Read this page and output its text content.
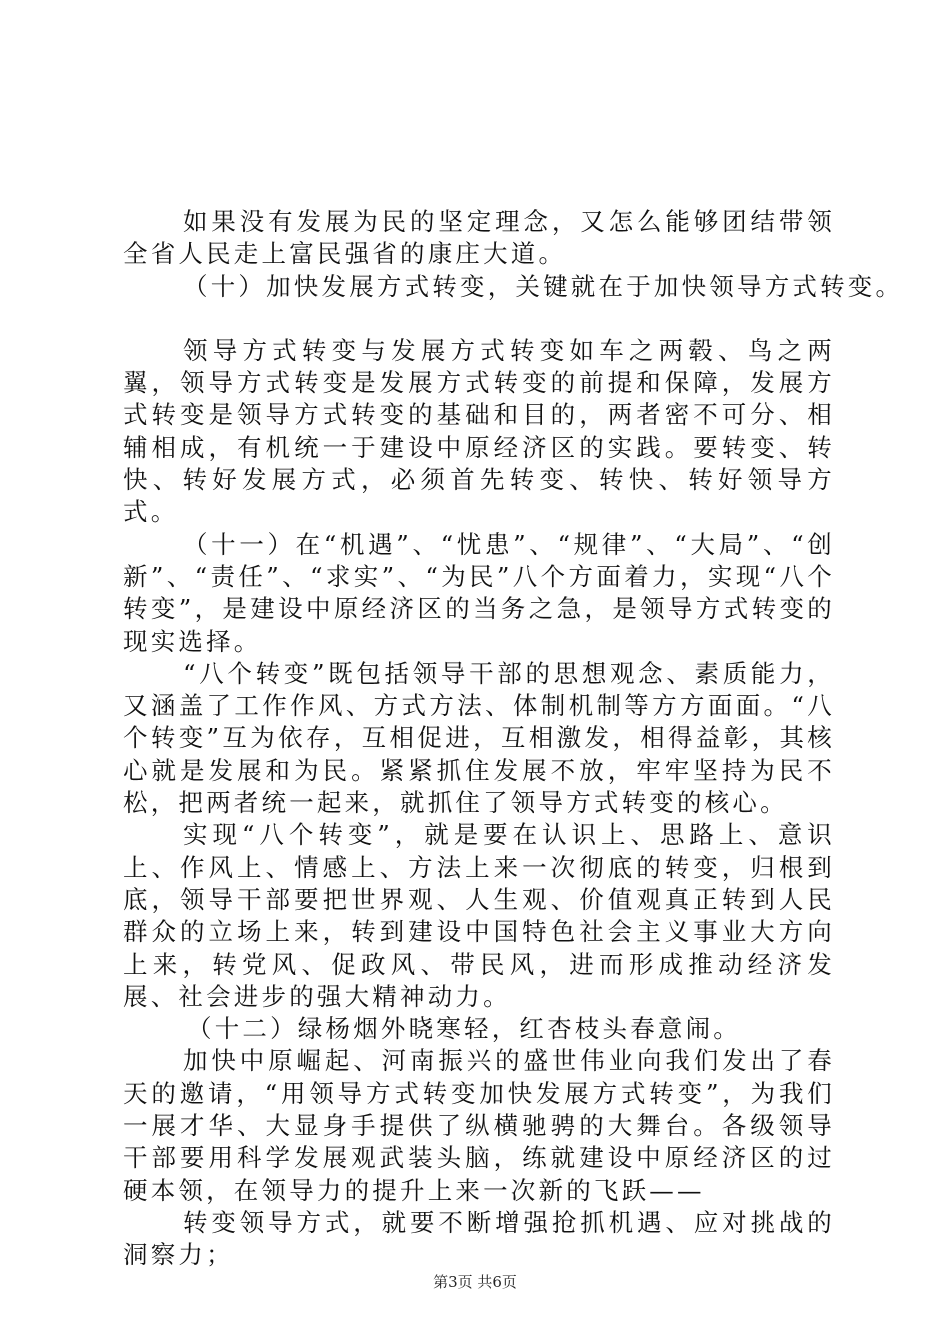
如果没有发展为民的坚定理念，又怎么能够团结带领全省人民走上富民强省的康庄大道。

（十）加快发展方式转变，关键就在于加快领导方式转变。

领导方式转变与发展方式转变如车之两毂、鸟之两翼，领导方式转变是发展方式转变的前提和保障，发展方式转变是领导方式转变的基础和目的，两者密不可分、相辅相成，有机统一于建设中原经济区的实践。要转变、转快、转好发展方式，必须首先转变、转快、转好领导方式。

（十一）在“机遇”、“忧患”、“规律”、“大局”、“创新”、“责任”、“求实”、“为民”八个方面着力，实现“八个转变”，是建设中原经济区的当务之急，是领导方式转变的现实选择。

“八个转变”既包括领导干部的思想观念、素质能力，又涵盖了工作作风、方式方法、体制机制等方方面面。“八个转变”互为依存，互相促进，互相激发，相得益彰，其核心就是发展和为民。紧紧抓住发展不放，牢牢坚持为民不松，把两者统一起来，就抓住了领导方式转变的核心。

实现“八个转变”，就是要在认识上、思路上、意识上、作风上、情感上、方法上来一次彻底的转变，归根到底，领导干部要把世界观、人生观、价值观真正转到人民群众的立场上来，转到建设中国特色社会主义事业大方向上来，转党风、促政风、带民风，进而形成推动经济发展、社会进步的强大精神动力。

（十二）绿杨烟外晓寒轻，红杏枝头春意闹。

加快中原崛起、河南振兴的盛世伟业向我们发出了春天的邀请，“用领导方式转变加快发展方式转变”，为我们一展才华、大显身手提供了纵横驰骋的大舞台。各级领导干部要用科学发展观武装头脑，练就建设中原经济区的过硬本领，在领导力的提升上来一次新的飞跃——

转变领导方式，就要不断增强抢抓机遇、应对挑战的洞察力；

第3页 共6页
